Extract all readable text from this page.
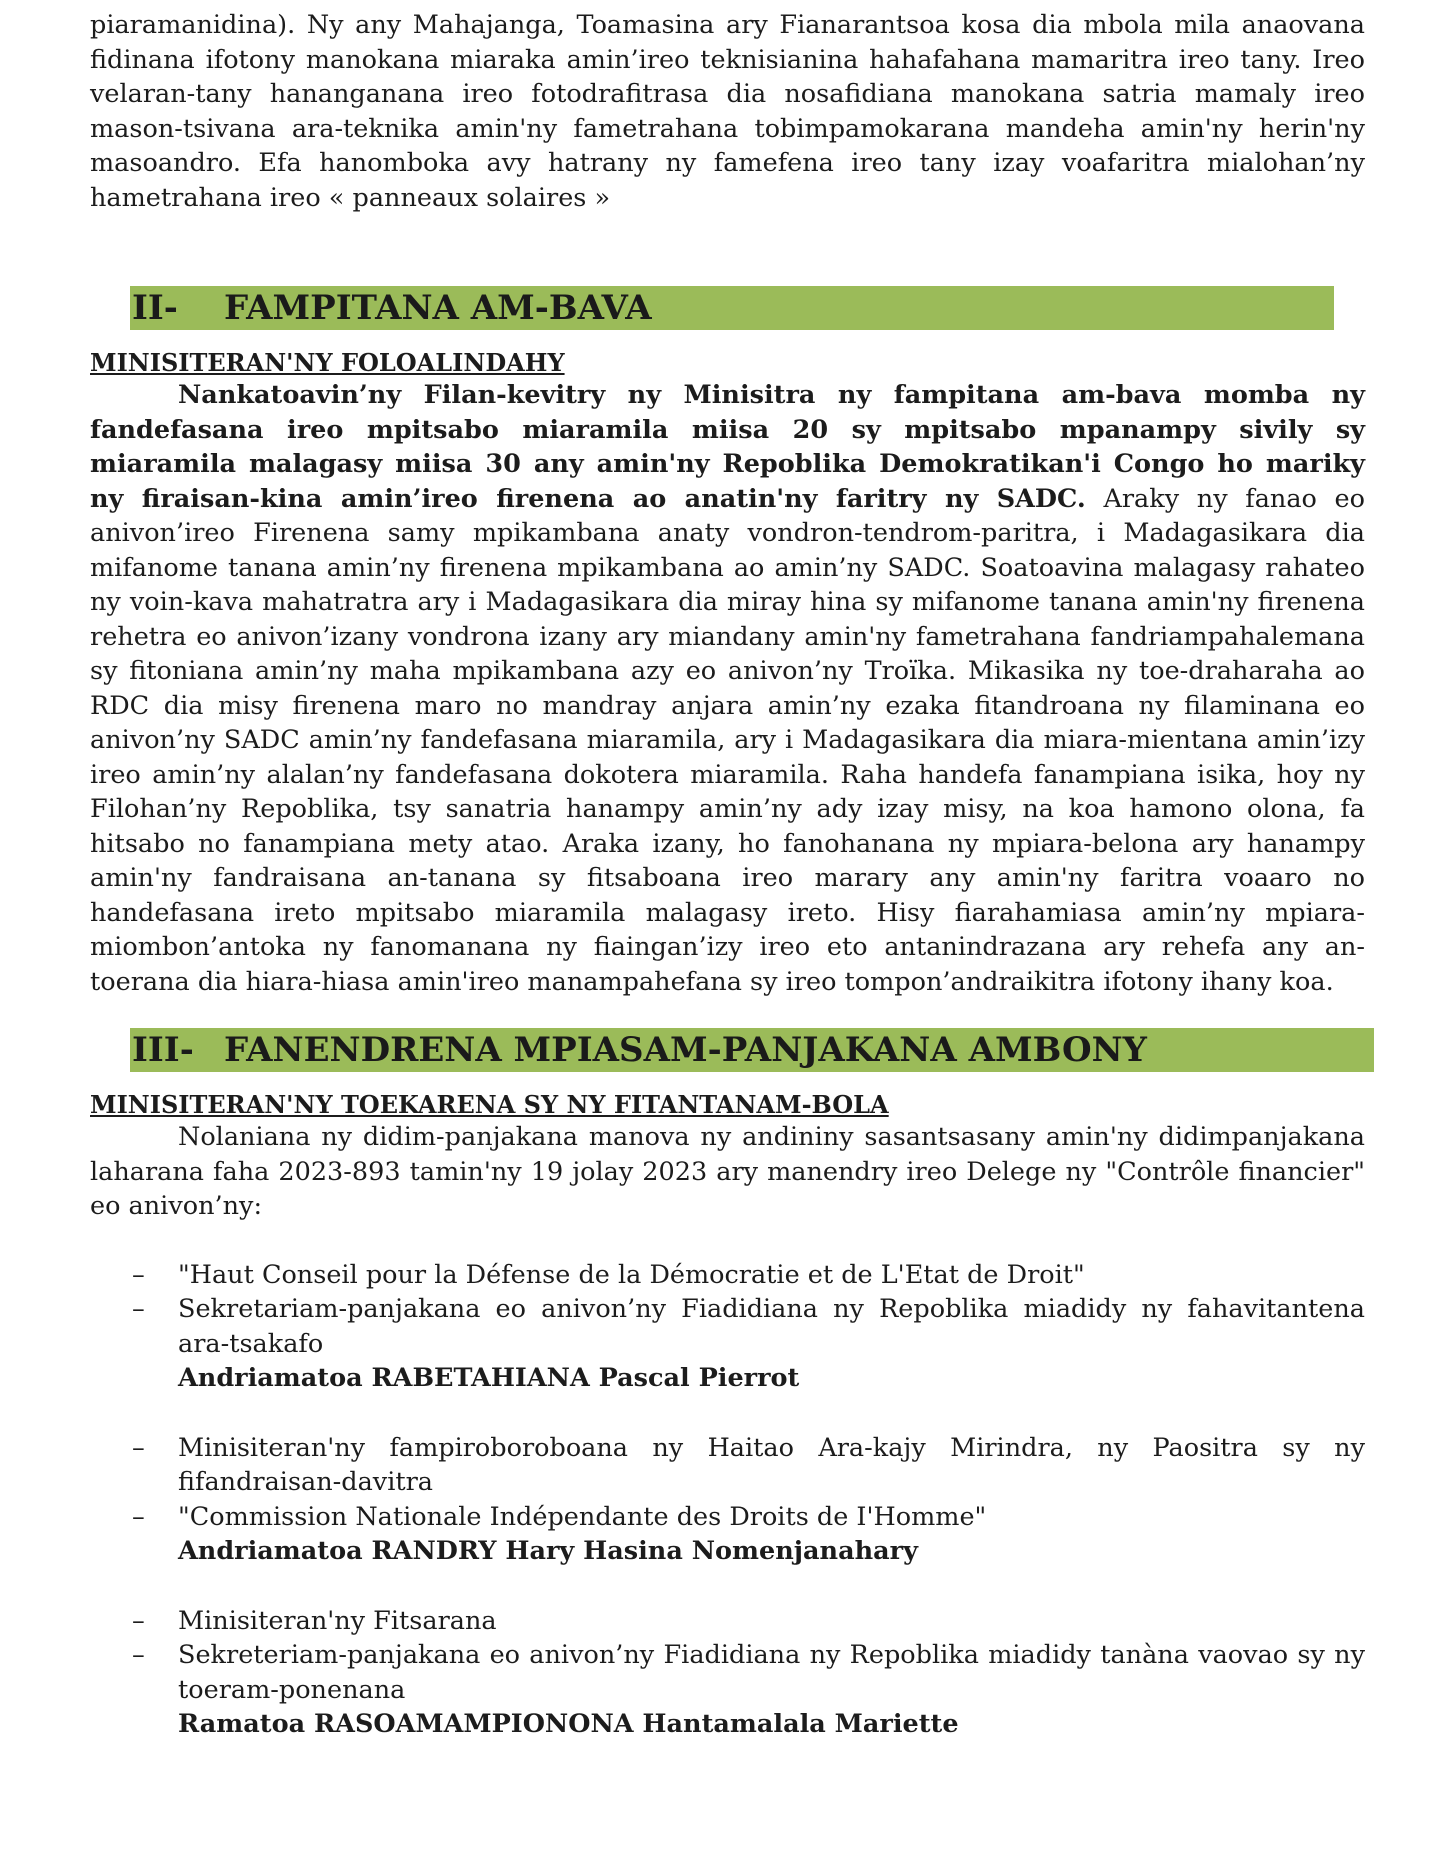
piaramanidina). Ny any Mahajanga, Toamasina ary Fianarantsoa kosa dia mbola mila anaovana fidinana ifotony manokana miaraka amin’ireo teknisianina hahafahana mamaritra ireo tany. Ireo velaran-tany hananganana ireo fotodrafitrasa dia nosafidiana manokana satria mamaly ireo mason-tsivana ara-teknika amin'ny fametrahana tobimpamokarana mandeha amin'ny herin'ny masoandro. Efa hanomboka avy hatrany ny famefena ireo tany izay voafaritra mialohan’ny hametrahana ireo « panneaux solaires »

II-	FAMPITANA AM-BAVA
MINISITERAN'NY FOLOALINDAHY

Nankatoavin’ny Filan-kevitry ny Minisitra ny fampitana am-bava momba ny fandefasana ireo mpitsabo miaramila miisa 20 sy mpitsabo mpanampy sivily sy miaramila malagasy miisa 30 any amin'ny Repoblika Demokratikan'i Congo ho mariky ny firaisan-kina amin’ireo firenena ao anatin'ny faritry ny SADC. Araky ny fanao eo anivon’ireo Firenena samy mpikambana anaty vondron-tendrom-paritra, i Madagasikara dia mifanome tanana amin’ny firenena mpikambana ao amin’ny SADC. Soatoavina malagasy rahateo ny voin-kava mahatratra ary i Madagasikara dia miray hina sy mifanome tanana amin'ny firenena rehetra eo anivon’izany vondrona izany ary miandany amin'ny fametrahana fandriampahalemana sy fitoniana amin’ny maha mpikambana azy eo anivon’ny Troïka. Mikasika ny toe-draharaha ao RDC dia misy firenena maro no mandray anjara amin’ny ezaka fitandroana ny filaminana eo anivon’ny SADC amin’ny fandefasana miaramila, ary i Madagasikara dia miara-mientana amin’izy ireo amin’ny alalan’ny fandefasana dokotera miaramila. Raha handefa fanampiana isika, hoy ny Filohan’ny Repoblika, tsy sanatria hanampy amin’ny ady izay misy, na koa hamono olona, fa hitsabo no fanampiana mety atao. Araka izany, ho fanohanana ny mpiara-belona ary hanampy amin'ny fandraisana an-tanana sy fitsaboana ireo marary any amin'ny faritra voaaro no handefasana ireto mpitsabo miaramila malagasy ireto. Hisy fiarahamiasa amin’ny mpiara-miombon’antoka ny fanomanana ny fiaingan’izy ireo eto antanindrazana ary rehefa any an-toerana dia hiara-hiasa amin'ireo manampahefana sy ireo tompon’andraikitra ifotony ihany koa.

III- FANENDRENA MPIASAM-PANJAKANA AMBONY
MINISITERAN'NY TOEKARENA SY NY FITANTANAM-BOLA

Nolaniana ny didim-panjakana manova ny andininy sasantsasany amin'ny didimpanjakana laharana faha 2023-893 tamin'ny 19 jolay 2023 ary manendry ireo Delege ny "Contrôle financier" eo anivon’ny:

– "Haut Conseil pour la Défense de la Démocratie et de L'Etat de Droit"
– Sekretariam-panjakana eo anivon’ny Fiadidiana ny Repoblika miadidy ny fahavitantena ara-tsakafo
Andriamatoa RABETAHIANA Pascal Pierrot
– Minisiteran'ny fampiroboroboana ny Haitao Ara-kajy Mirindra, ny Paositra sy ny fifandraisan-davitra
– "Commission Nationale Indépendante des Droits de I'Homme"
Andriamatoa RANDRY Hary Hasina Nomenjanahary
– Minisiteran'ny Fitsarana
– Sekreteriam-panjakana eo anivon’ny Fiadidiana ny Repoblika miadidy tanàna vaovao sy ny toeram-ponenana
Ramatoa RASOAMAMPIONONA Hantamalala Mariette
